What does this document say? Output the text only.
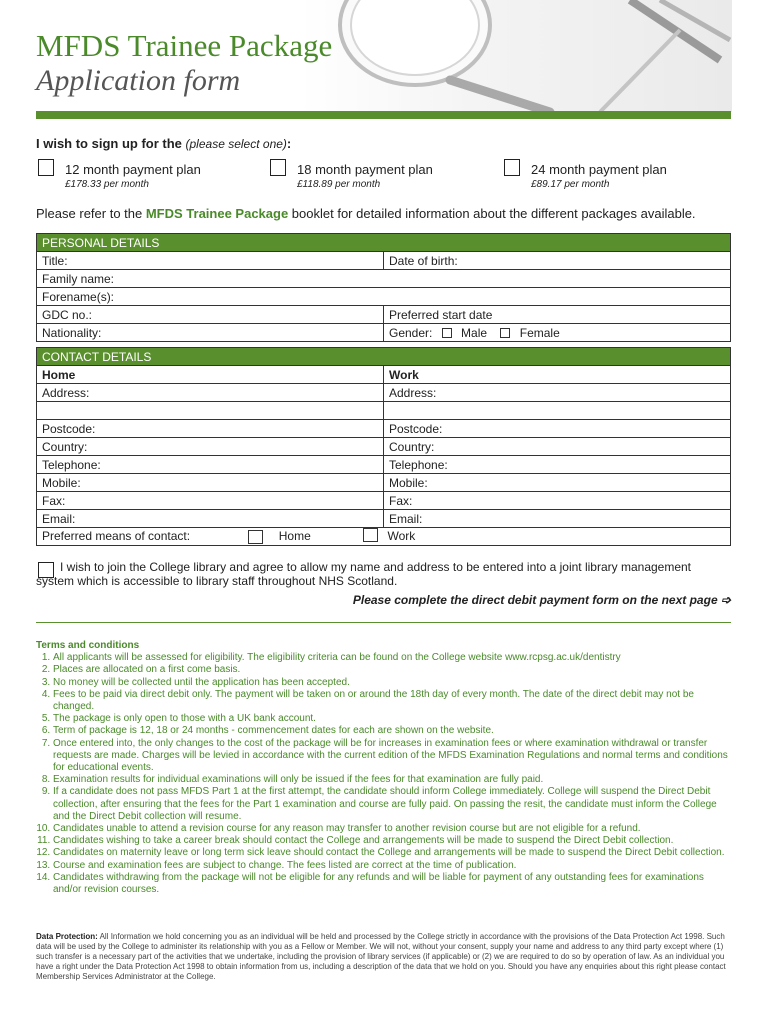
MFDS Trainee Package
Application form
I wish to sign up for the (please select one):
12 month payment plan
£178.33 per month
18 month payment plan
£118.89 per month
24 month payment plan
£89.17 per month
Please refer to the MFDS Trainee Package booklet for detailed information about the different packages available.
PERSONAL DETAILS	
Title:	Date of birth:
Family name:	
Forename(s):	
GDC no.:	Preferred start date
Nationality:	Gender: Male Female
CONTACT DETAILS	
Home	Work
Address:	Address:

Postcode:	Postcode:
Country:	Country:
Telephone:	Telephone:
Mobile:	Mobile:
Fax:	Fax:
Email:	Email:
Preferred means of contact: Home Work	
I wish to join the College library and agree to allow my name and address to be entered into a joint library management system which is accessible to library staff throughout NHS Scotland.
Please complete the direct debit payment form on the next page ➩
Terms and conditions
1. All applicants will be assessed for eligibility. The eligibility criteria can be found on the College website www.rcpsg.ac.uk/dentistry
2. Places are allocated on a first come basis.
3. No money will be collected until the application has been accepted.
4. Fees to be paid via direct debit only. The payment will be taken on or around the 18th day of every month. The date of the direct debit may not be changed.
5. The package is only open to those with a UK bank account.
6. Term of package is 12, 18 or 24 months - commencement dates for each are shown on the website.
7. Once entered into, the only changes to the cost of the package will be for increases in examination fees or where examination withdrawal or transfer requests are made. Charges will be levied in accordance with the current edition of the MFDS Examination Regulations and normal terms and conditions for educational events.
8. Examination results for individual examinations will only be issued if the fees for that examination are fully paid.
9. If a candidate does not pass MFDS Part 1 at the first attempt, the candidate should inform College immediately. College will suspend the Direct Debit collection, after ensuring that the fees for the Part 1 examination and course are fully paid. On passing the resit, the candidate must inform the College and the Direct Debit collection will resume.
10. Candidates unable to attend a revision course for any reason may transfer to another revision course but are not eligible for a refund.
11. Candidates wishing to take a career break should contact the College and arrangements will be made to suspend the Direct Debit collection.
12. Candidates on maternity leave or long term sick leave should contact the College and arrangements will be made to suspend the Direct Debit collection.
13. Course and examination fees are subject to change. The fees listed are correct at the time of publication.
14. Candidates withdrawing from the package will not be eligible for any refunds and will be liable for payment of any outstanding fees for examinations and/or revision courses.
Data Protection: All Information we hold concerning you as an individual will be held and processed by the College strictly in accordance with the provisions of the Data Protection Act 1998. Such data will be used by the College to administer its relationship with you as a Fellow or Member. We will not, without your consent, supply your name and address to any third party except where (1) such transfer is a necessary part of the activities that we undertake, including the provision of library services (if applicable) or (2) we are required to do so by operation of law. As an individual you have a right under the Data Protection Act 1998 to obtain information from us, including a description of the data that we hold on you. Should you have any enquiries about this right please contact Membership Services Administrator at the College.
